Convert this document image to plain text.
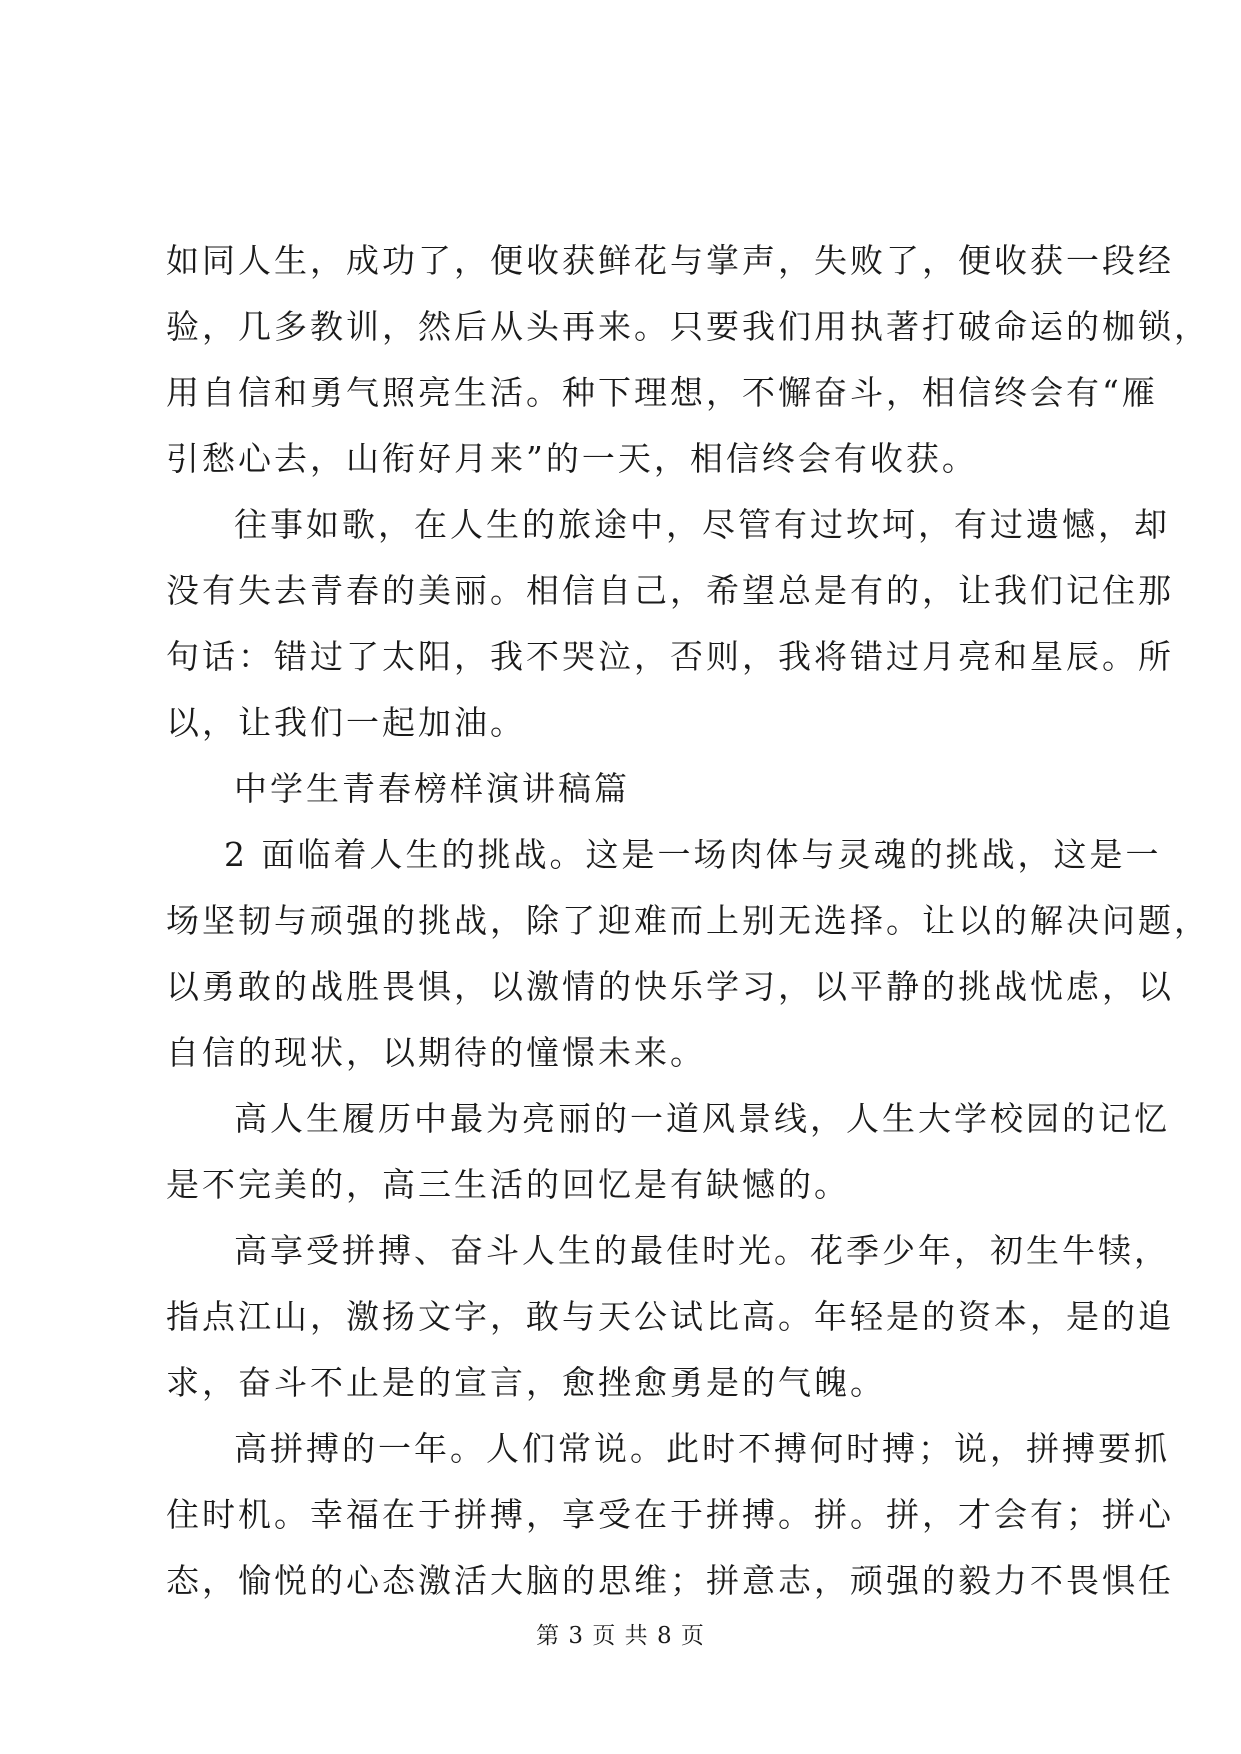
如同人生，成功了，便收获鲜花与掌声，失败了，便收获一段经
验，几多教训，然后从头再来。只要我们用执著打破命运的枷锁，
用自信和勇气照亮生活。种下理想，不懈奋斗，相信终会有“雁
引愁心去，山衔好月来”的一天，相信终会有收获。
往事如歌，在人生的旅途中，尽管有过坎坷，有过遗憾，却
没有失去青春的美丽。相信自己，希望总是有的，让我们记住那
句话：错过了太阳，我不哭泣，否则，我将错过月亮和星辰。所
以，让我们一起加油。
中学生青春榜样演讲稿篇
2 面临着人生的挑战。这是一场肉体与灵魂的挑战，这是一
场坚韧与顽强的挑战，除了迎难而上别无选择。让以的解决问题，
以勇敢的战胜畏惧，以激情的快乐学习，以平静的挑战忧虑，以
自信的现状，以期待的憧憬未来。
高人生履历中最为亮丽的一道风景线，人生大学校园的记忆
是不完美的，高三生活的回忆是有缺憾的。
高享受拼搏、奋斗人生的最佳时光。花季少年，初生牛犊，
指点江山，激扬文字，敢与天公试比高。年轻是的资本，是的追
求，奋斗不止是的宣言，愈挫愈勇是的气魄。
高拼搏的一年。人们常说。此时不搏何时搏；说，拼搏要抓
住时机。幸福在于拼搏，享受在于拼搏。拼。拼，才会有；拼心
态，愉悦的心态激活大脑的思维；拼意志，顽强的毅力不畏惧任
第 3 页 共 8 页
